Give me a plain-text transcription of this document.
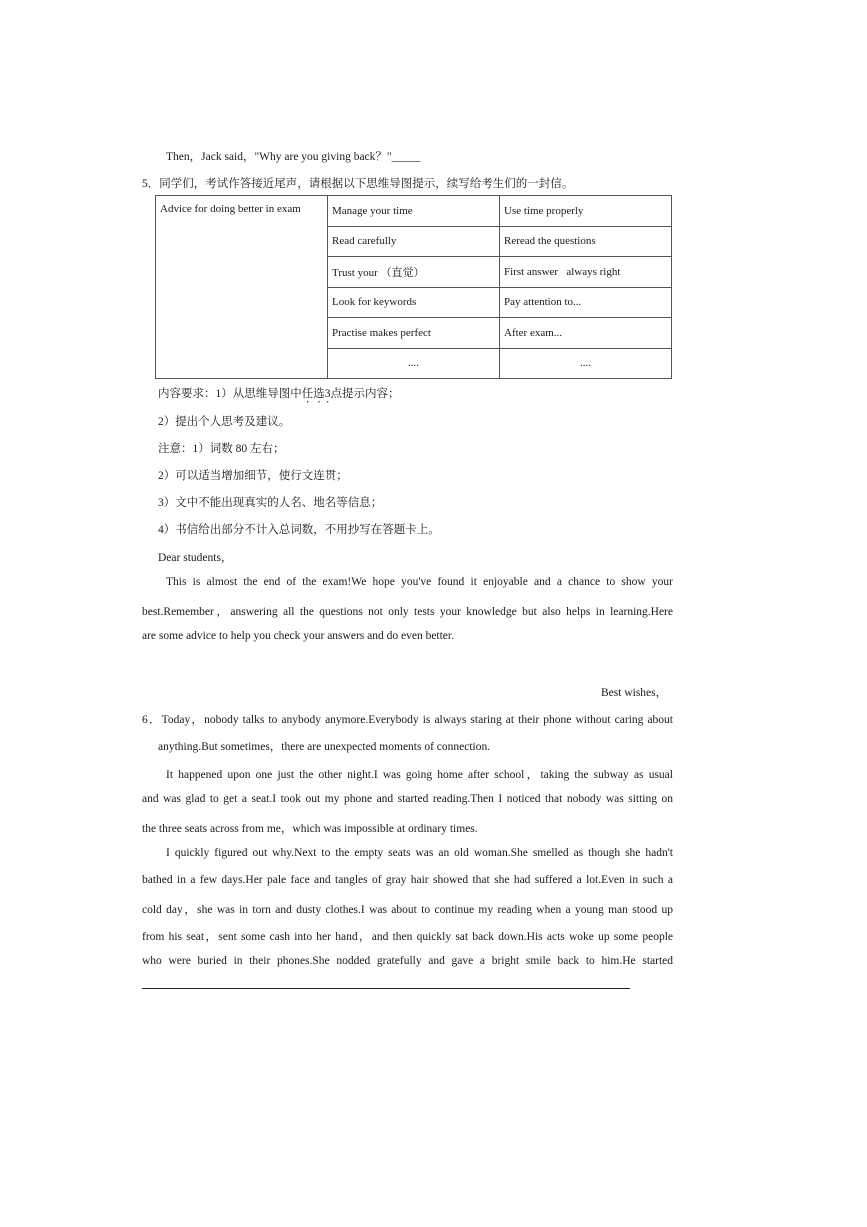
Then，Jack said，"Why are you giving back？"_____
5．同学们，考试作答接近尾声，请根据以下思维导图提示，续写给考生们的一封信。
Advice for doing better in exam	Manage your time	Use time properly
	Read carefully	Reread the questions
	Trust your （直觉）	First answer   always right
	Look for keywords	Pay attention to...
	Practise makes perfect	After exam...
	....	....
内容要求：1）从思维导图中任选3点提示内容；
2）提出个人思考及建议。
注意：1）词数 80 左右；
2）可以适当增加细节，使行文连贯；
3）文中不能出现真实的人名、地名等信息；
4）书信给出部分不计入总词数，不用抄写在答题卡上。
Dear students，
This is almost the end of the exam!We hope you've found it enjoyable and a chance to show your
best.Remember，answering all the questions not only tests your knowledge but also helps in learning.Here
are some advice to help you check your answers and do even better.
Best wishes，
6．Today，nobody talks to anybody anymore.Everybody is always staring at their phone without caring about
anything.But sometimes，there are unexpected moments of connection.
It happened upon one just the other night.I was going home after school，taking the subway as usual
and was glad to get a seat.I took out my phone and started reading.Then I noticed that nobody was sitting on
the three seats across from me，which was impossible at ordinary times.
I quickly figured out why.Next to the empty seats was an old woman.She smelled as though she hadn't
bathed in a few days.Her pale face and tangles of gray hair showed that she had suffered a lot.Even in such a
cold day，she was in torn and dusty clothes.I was about to continue my reading when a young man stood up
from his seat，sent some cash into her hand，and then quickly sat back down.His acts woke up some people
who were buried in their phones.She nodded gratefully and gave a bright smile back to him.He started
